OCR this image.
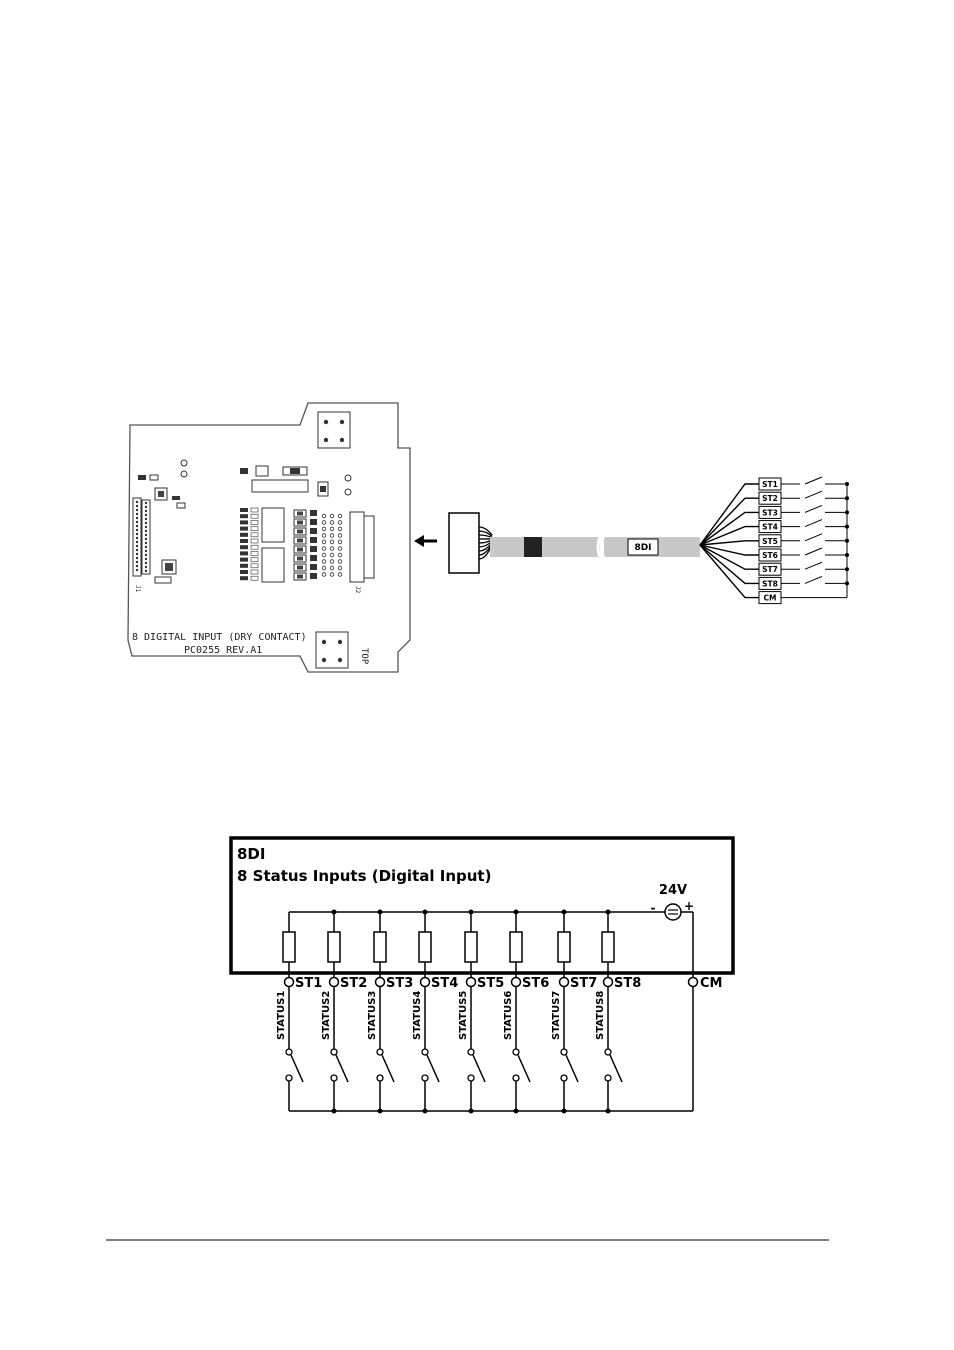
J1	J2
8 DIGITAL INPUT (DRY CONTACT)
PC0255 REV.A1	TOP
8DI
ST1
ST2
ST3
ST4
ST5
ST6
ST7
ST8
CM
8DI
8 Status Inputs (Digital Input)
24V
- +
ST1
STATUS1
ST2
STATUS2
ST3
STATUS3
ST4
STATUS4
ST5
STATUS5
ST6
STATUS6
ST7
STATUS7
ST8
STATUS8
CM
